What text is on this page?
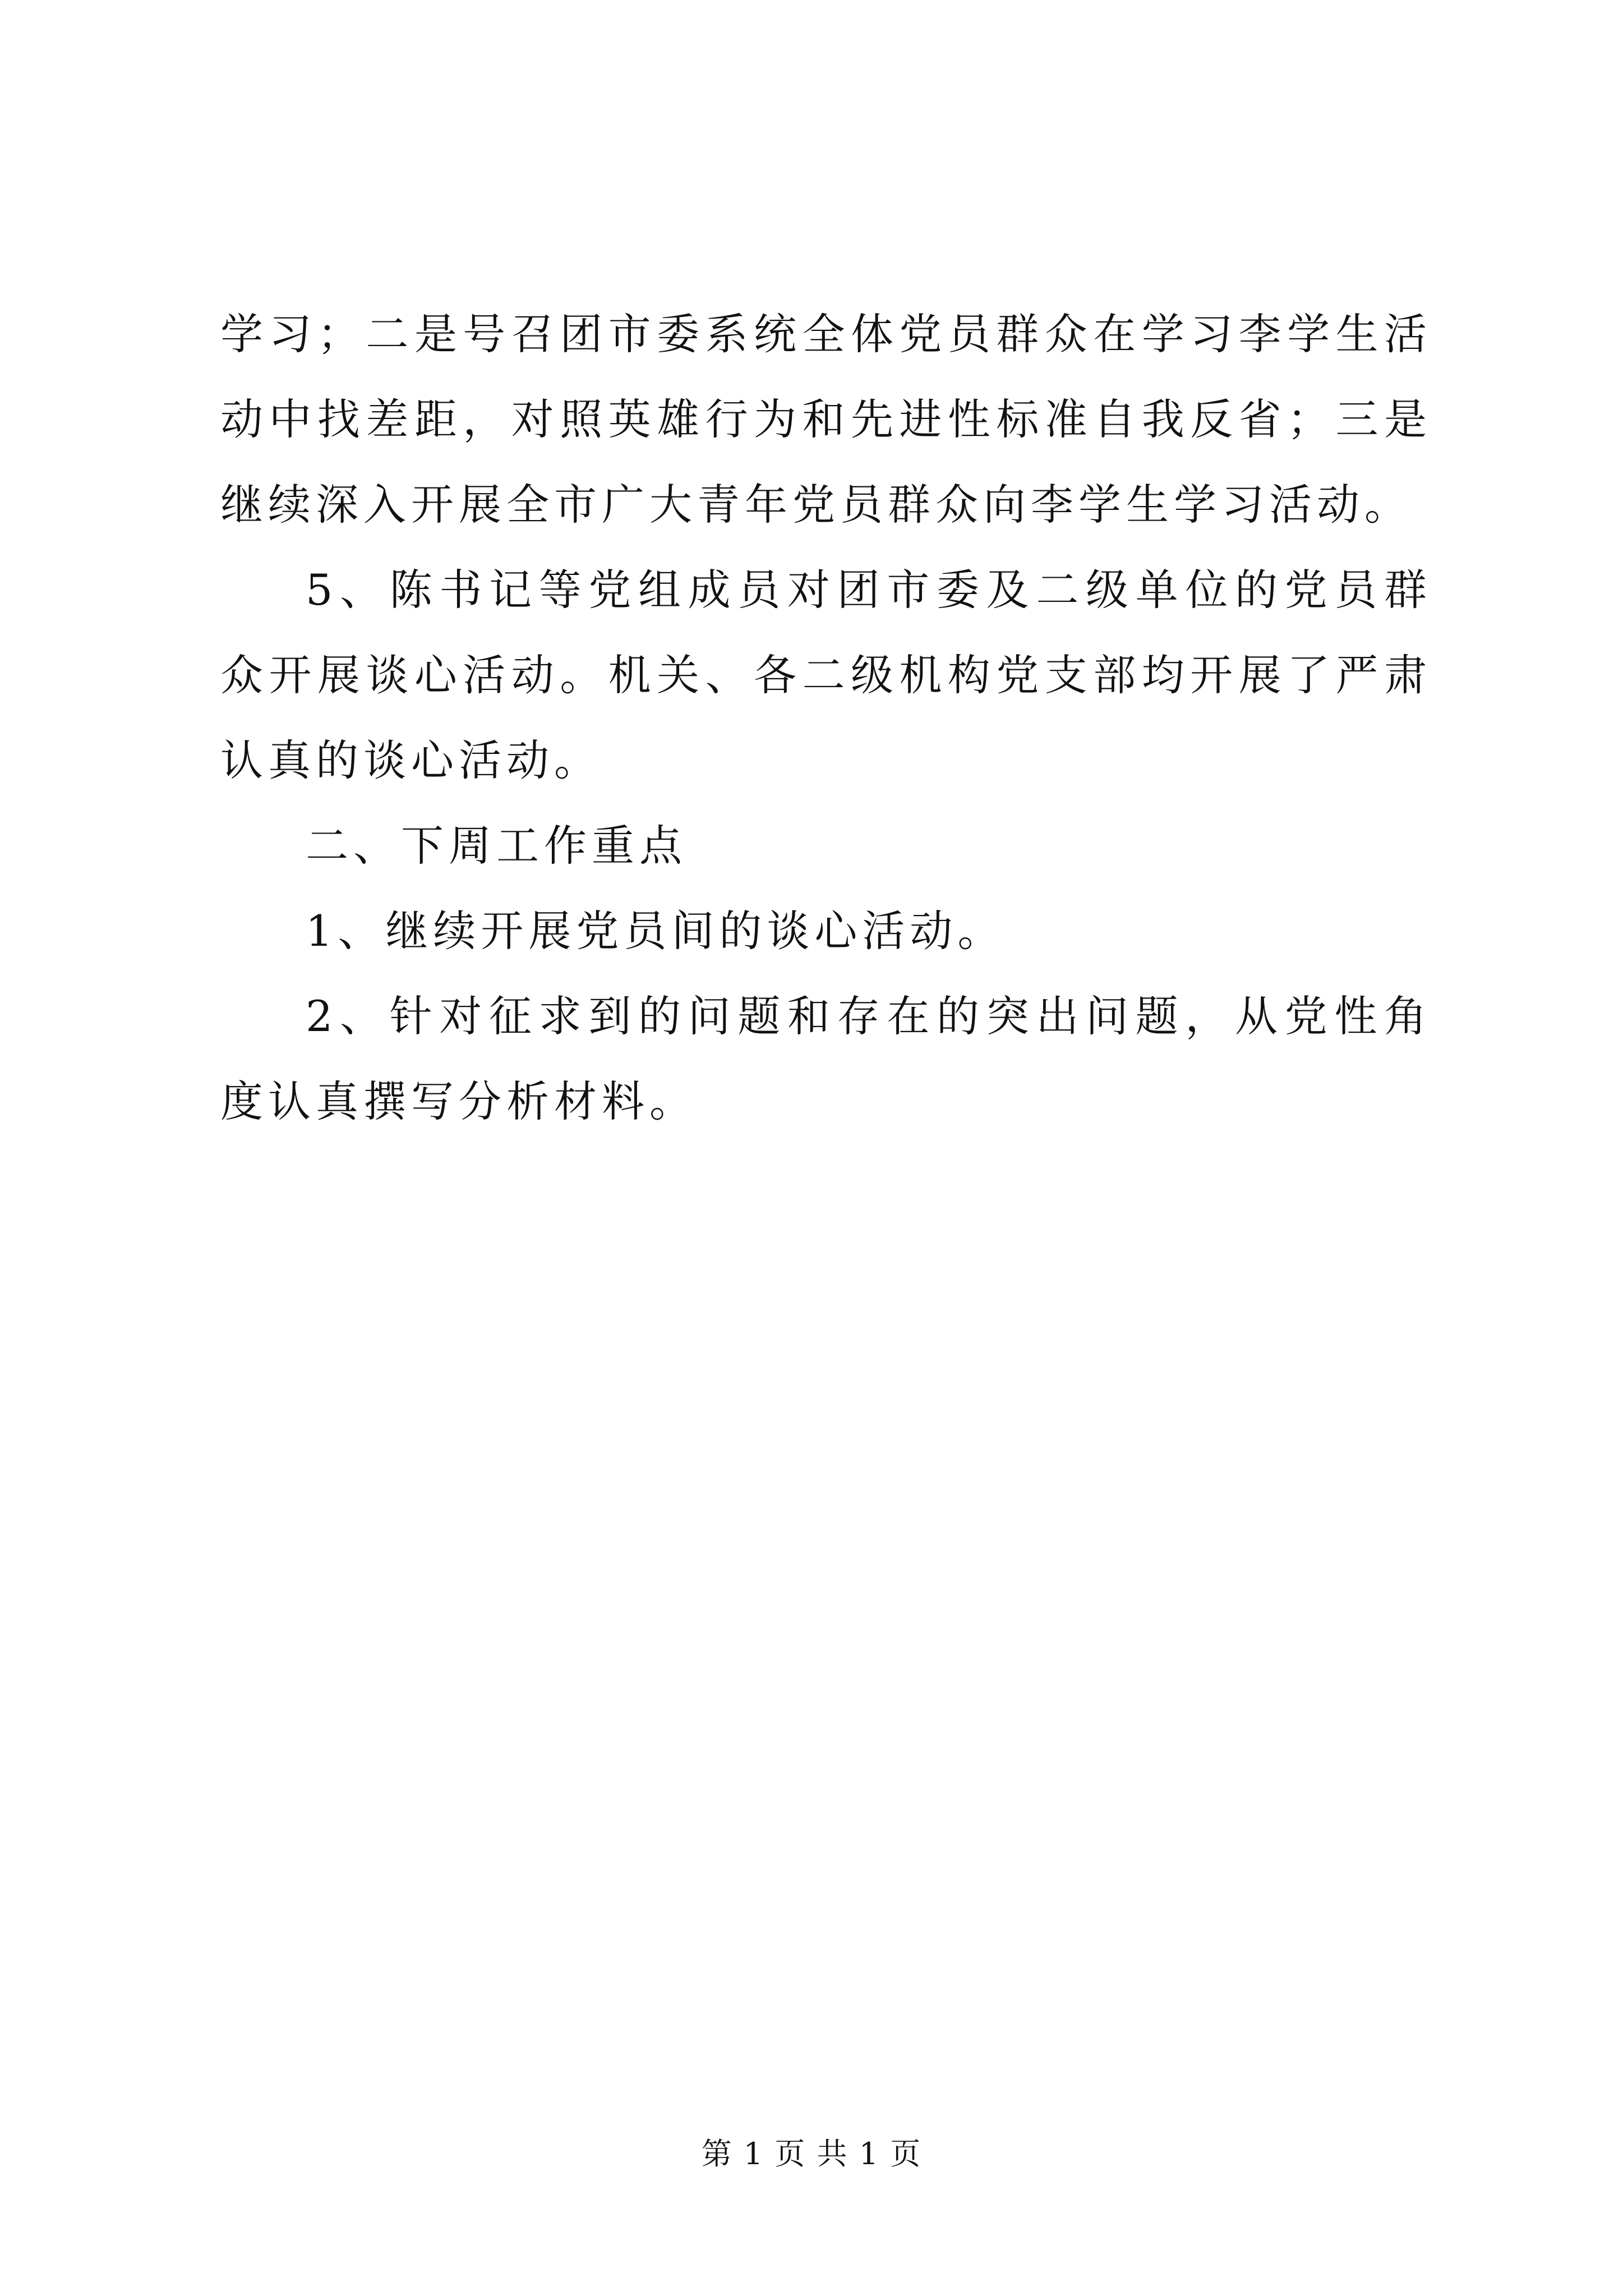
学习；二是号召团市委系统全体党员群众在学习李学生活动中找差距，对照英雄行为和先进性标准自我反省；三是继续深入开展全市广大青年党员群众向李学生学习活动。

5、陈书记等党组成员对团市委及二级单位的党员群众开展谈心活动。机关、各二级机构党支部均开展了严肃认真的谈心活动。

二、下周工作重点

1、继续开展党员间的谈心活动。

2、针对征求到的问题和存在的突出问题，从党性角度认真撰写分析材料。

第 1 页 共 1 页
